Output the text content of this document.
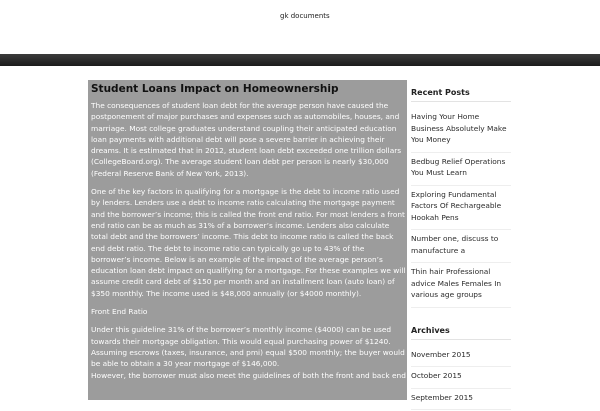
gk documents
Student Loans Impact on Homeownership

The consequences of student loan debt for the average person have caused the postponement of major purchases and expenses such as automobiles, houses, and marriage. Most college graduates understand coupling their anticipated education loan payments with additional debt will pose a severe barrier in achieving their dreams. It is estimated that in 2012, student loan debt exceeded one trillion dollars (CollegeBoard.org). The average student loan debt per person is nearly $30,000 (Federal Reserve Bank of New York, 2013).

One of the key factors in qualifying for a mortgage is the debt to income ratio used by lenders. Lenders use a debt to income ratio calculating the mortgage payment and the borrower’s income; this is called the front end ratio. For most lenders a front end ratio can be as much as 31% of a borrower’s income. Lenders also calculate total debt and the borrowers’ income. This debt to income ratio is called the back end debt ratio. The debt to income ratio can typically go up to 43% of the borrower’s income. Below is an example of the impact of the average person’s education loan debt impact on qualifying for a mortgage. For these examples we will assume credit card debt of $150 per month and an installment loan (auto loan) of $350 monthly. The income used is $48,000 annually (or $4000 monthly).

Front End Ratio

Under this guideline 31% of the borrower’s monthly income ($4000) can be used towards their mortgage obligation. This would equal purchasing power of $1240. Assuming escrows (taxes, insurance, and pmi) equal $500 monthly; the buyer would be able to obtain a 30 year mortgage of $146,000.

However, the borrower must also meet the guidelines of both the front and back end

Recent Posts
Having Your Home Business Absolutely Make You Money
Bedbug Relief Operations You Must Learn
Exploring Fundamental Factors Of Rechargeable Hookah Pens
Number one, discuss to manufacture a
Thin hair Professional advice Males Females In various age groups
Archives
November 2015
October 2015
September 2015
